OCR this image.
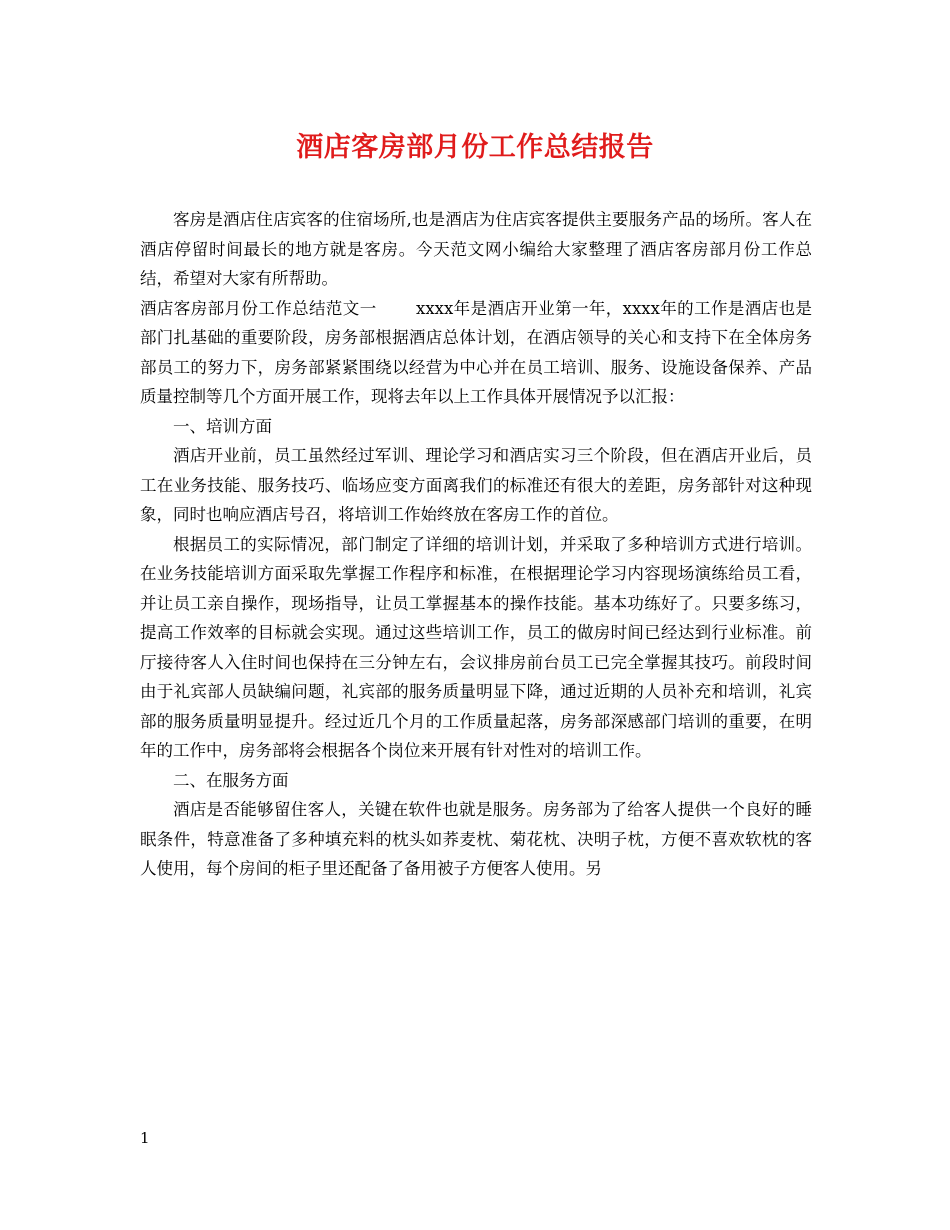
酒店客房部月份工作总结报告

客房是酒店住店宾客的住宿场所,也是酒店为住店宾客提供主要服务产品的场所。客人在酒店停留时间最长的地方就是客房。今天范文网小编给大家整理了酒店客房部月份工作总结，希望对大家有所帮助。

酒店客房部月份工作总结范文一　　 xxxx年是酒店开业第一年，xxxx年的工作是酒店也是部门扎基础的重要阶段，房务部根据酒店总体计划，在酒店领导的关心和支持下在全体房务部员工的努力下，房务部紧紧围绕以经营为中心并在员工培训、服务、设施设备保养、产品质量控制等几个方面开展工作，现将去年以上工作具体开展情况予以汇报：

一、培训方面

酒店开业前，员工虽然经过军训、理论学习和酒店实习三个阶段，但在酒店开业后，员工在业务技能、服务技巧、临场应变方面离我们的标准还有很大的差距，房务部针对这种现象，同时也响应酒店号召，将培训工作始终放在客房工作的首位。

根据员工的实际情况，部门制定了详细的培训计划，并采取了多种培训方式进行培训。在业务技能培训方面采取先掌握工作程序和标准，在根据理论学习内容现场演练给员工看，并让员工亲自操作，现场指导，让员工掌握基本的操作技能。基本功练好了。只要多练习，提高工作效率的目标就会实现。通过这些培训工作，员工的做房时间已经达到行业标准。前厅接待客人入住时间也保持在三分钟左右，会议排房前台员工已完全掌握其技巧。前段时间由于礼宾部人员缺编问题，礼宾部的服务质量明显下降，通过近期的人员补充和培训，礼宾部的服务质量明显提升。经过近几个月的工作质量起落，房务部深感部门培训的重要，在明年的工作中，房务部将会根据各个岗位来开展有针对性对的培训工作。

二、在服务方面

酒店是否能够留住客人，关键在软件也就是服务。房务部为了给客人提供一个良好的睡眠条件，特意准备了多种填充料的枕头如荞麦枕、菊花枕、决明子枕，方便不喜欢软枕的客人使用，每个房间的柜子里还配备了备用被子方便客人使用。另

1
